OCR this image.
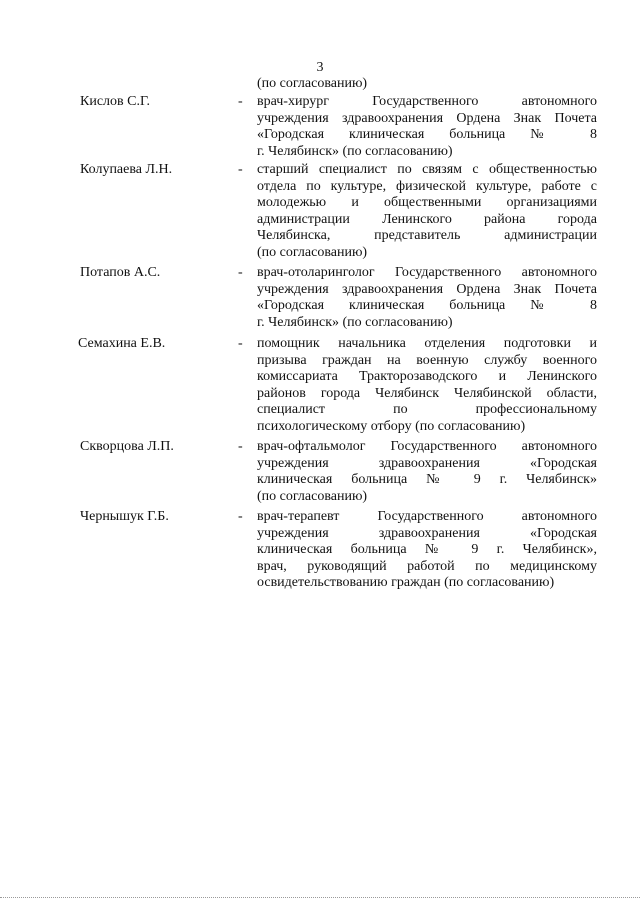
3
(по согласованию)
Кислов С.Г.	- врач-хирург Государственного автономного
учреждения здравоохранения Ордена Знак Почета
«Городская клиническая больница № 8
г. Челябинск» (по согласованию)
Колупаева Л.Н.	- старший специалист по связям с общественностью
отдела по культуре, физической культуре, работе с
молодежью и общественными организациями
администрации Ленинского района города
Челябинска, представитель администрации
(по согласованию)
Потапов А.С.	- врач-отоларинголог Государственного автономного
учреждения здравоохранения Ордена Знак Почета
«Городская клиническая больница № 8
г. Челябинск» (по согласованию)
Семахина Е.В.	- помощник начальника отделения подготовки и
призыва граждан на военную службу военного
комиссариата Тракторозаводского и Ленинского
районов города Челябинск Челябинской области,
специалист по профессиональному
психологическому отбору (по согласованию)
Скворцова Л.П.	- врач-офтальмолог Государственного автономного
учреждения здравоохранения «Городская
клиническая больница № 9 г. Челябинск»
(по согласованию)
Чернышук Г.Б.	- врач-терапевт Государственного автономного
учреждения здравоохранения «Городская
клиническая больница № 9 г. Челябинск»,
врач, руководящий работой по медицинскому
освидетельствованию граждан (по согласованию)
